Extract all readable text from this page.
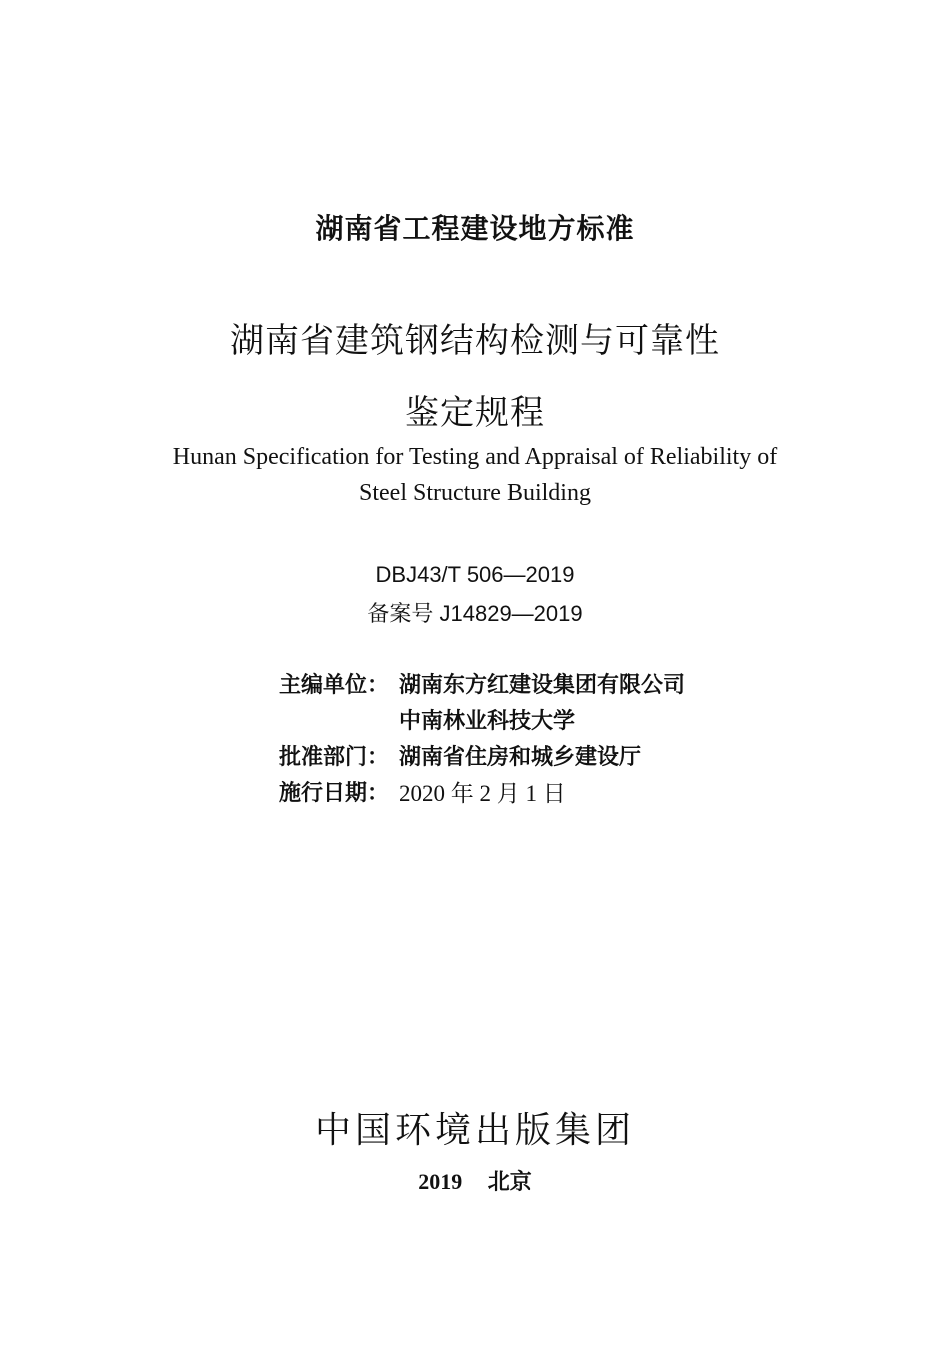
湖南省工程建设地方标准
湖南省建筑钢结构检测与可靠性
鉴定规程
Hunan Specification for Testing and Appraisal of Reliability of
Steel Structure Building
DBJ43/T 506—2019
备案号 J14829—2019
主编单位： 湖南东方红建设集团有限公司
中南林业科技大学
批准部门： 湖南省住房和城乡建设厅
施行日期： 2020 年 2 月 1 日
中国环境出版集团
2019 北京
